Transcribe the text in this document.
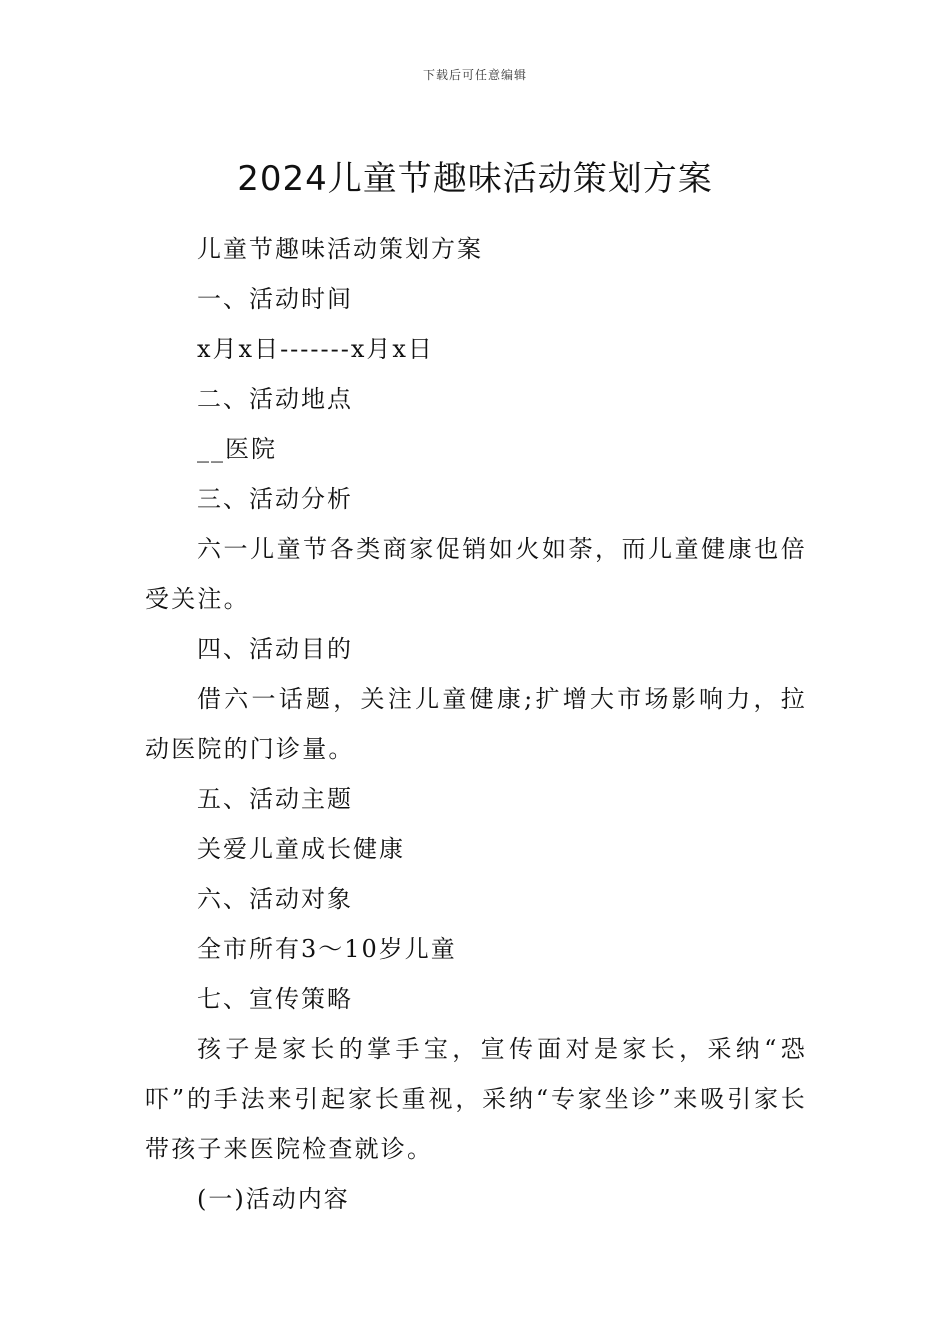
下载后可任意编辑
2024儿童节趣味活动策划方案

儿童节趣味活动策划方案

一、活动时间

x月x日-------x月x日

二、活动地点

__医院

三、活动分析

六一儿童节各类商家促销如火如荼，而儿童健康也倍受关注。

四、活动目的

借六一话题，关注儿童健康;扩增大市场影响力，拉动医院的门诊量。

五、活动主题

关爱儿童成长健康

六、活动对象

全市所有3～10岁儿童

七、宣传策略

孩子是家长的掌手宝，宣传面对是家长，采纳“恐吓”的手法来引起家长重视，采纳“专家坐诊”来吸引家长带孩子来医院检查就诊。

(一)活动内容
